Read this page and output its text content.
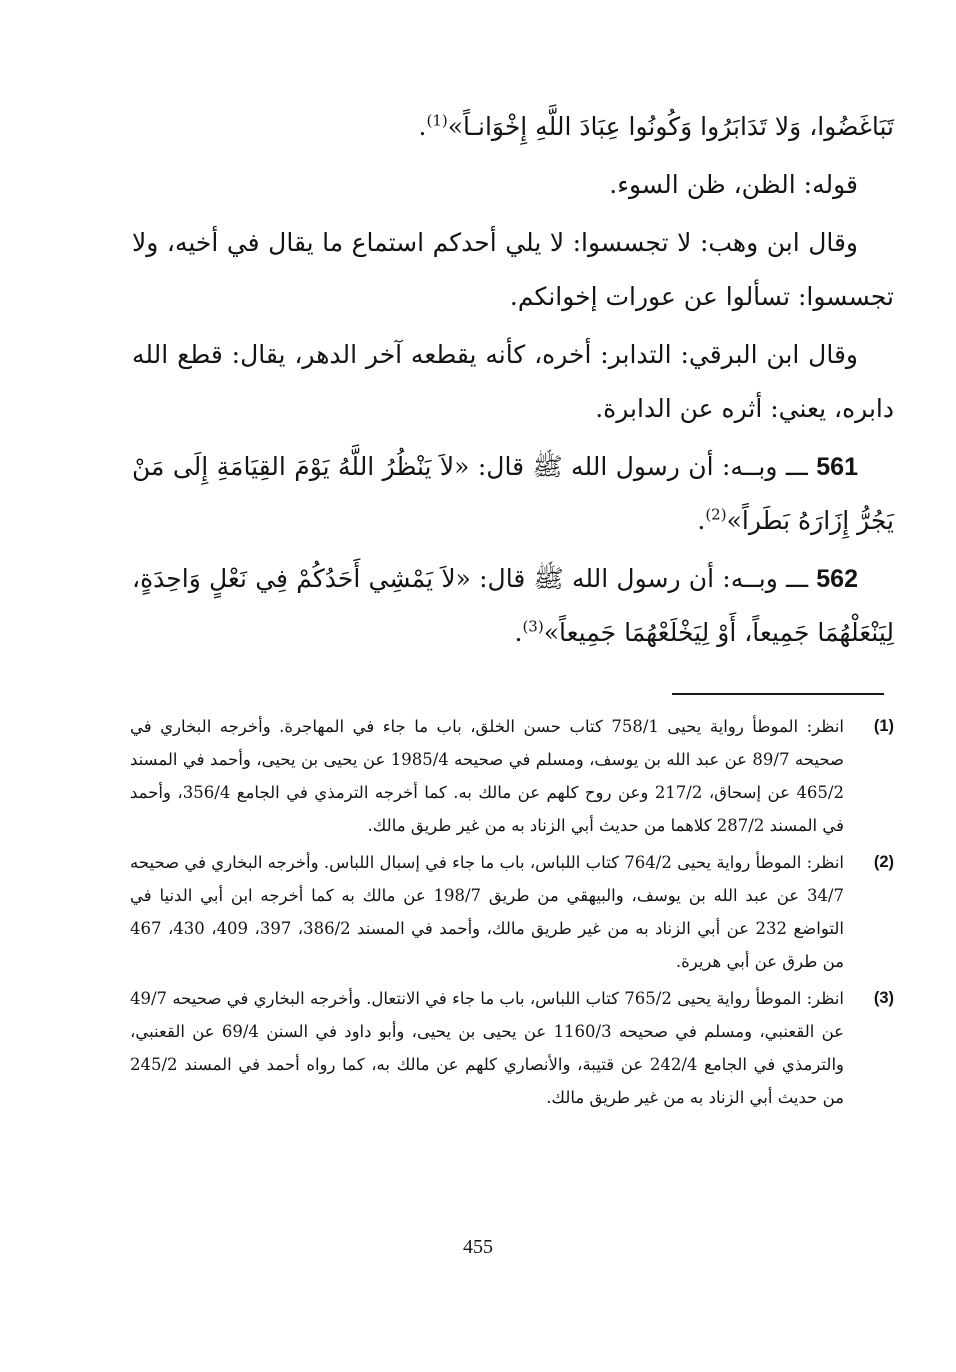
تَبَاغَضُوا، وَلا تَدَابَرُوا وَكُونُوا عِبَادَ اللَّهِ إِخْوَانـاً»$^{(1)}$.

قوله: الظن، ظن السوء.

وقال ابن وهب: لا تجسسوا: لا يلي أحدكم استماع ما يقال في أخيه، ولا تجسسوا: تسألوا عن عورات إخوانكم.

وقال ابن البرقي: التدابر: أخره، كأنه يقطعه آخر الدهر، يقال: قطع الله دابره، يعني: أثره عن الدابرة.

561 ـــ وبــه: أن رسول الله ﷺ قال: «لاَ يَنْظُرُ اللَّهُ يَوْمَ القِيَامَةِ إِلَى مَنْ يَجُرُّ إِزَارَهُ بَطَراً»$^{(2)}$.

562 ـــ وبــه: أن رسول الله ﷺ قال: «لاَ يَمْشِي أَحَدُكُمْ فِي نَعْلٍ وَاحِدَةٍ، لِيَنْعَلْهُمَا جَمِيعاً، أَوْ لِيَخْلَعْهُمَا جَمِيعاً»$^{(3)}$.

(1)
انظر: الموطأ رواية يحيى 758/1 كتاب حسن الخلق، باب ما جاء في المهاجرة. وأخرجه البخاري في صحيحه 89/7 عن عبد الله بن يوسف، ومسلم في صحيحه 1985/4 عن يحيى بن يحيى، وأحمد في المسند 465/2 عن إسحاق، 217/2 وعن روح كلهم عن مالك به. كما أخرجه الترمذي في الجامع 356/4، وأحمد في المسند 287/2 كلاهما من حديث أبي الزناد به من غير طريق مالك.

(2)
انظر: الموطأ رواية يحيى 764/2 كتاب اللباس، باب ما جاء في إسبال اللباس. وأخرجه البخاري في صحيحه 34/7 عن عبد الله بن يوسف، والبيهقي من طريق 198/7 عن مالك به كما أخرجه ابن أبي الدنيا في التواضع 232 عن أبي الزناد به من غير طريق مالك، وأحمد في المسند 386/2، 397، 409، 430، 467 من طرق عن أبي هريرة.

(3)
انظر: الموطأ رواية يحيى 765/2 كتاب اللباس، باب ما جاء في الانتعال. وأخرجه البخاري في صحيحه 49/7 عن القعنبي، ومسلم في صحيحه 1160/3 عن يحيى بن يحيى، وأبو داود في السنن 69/4 عن القعنبي، والترمذي في الجامع 242/4 عن قتيبة، والأنصاري كلهم عن مالك به، كما رواه أحمد في المسند 245/2 من حديث أبي الزناد به من غير طريق مالك.

455
